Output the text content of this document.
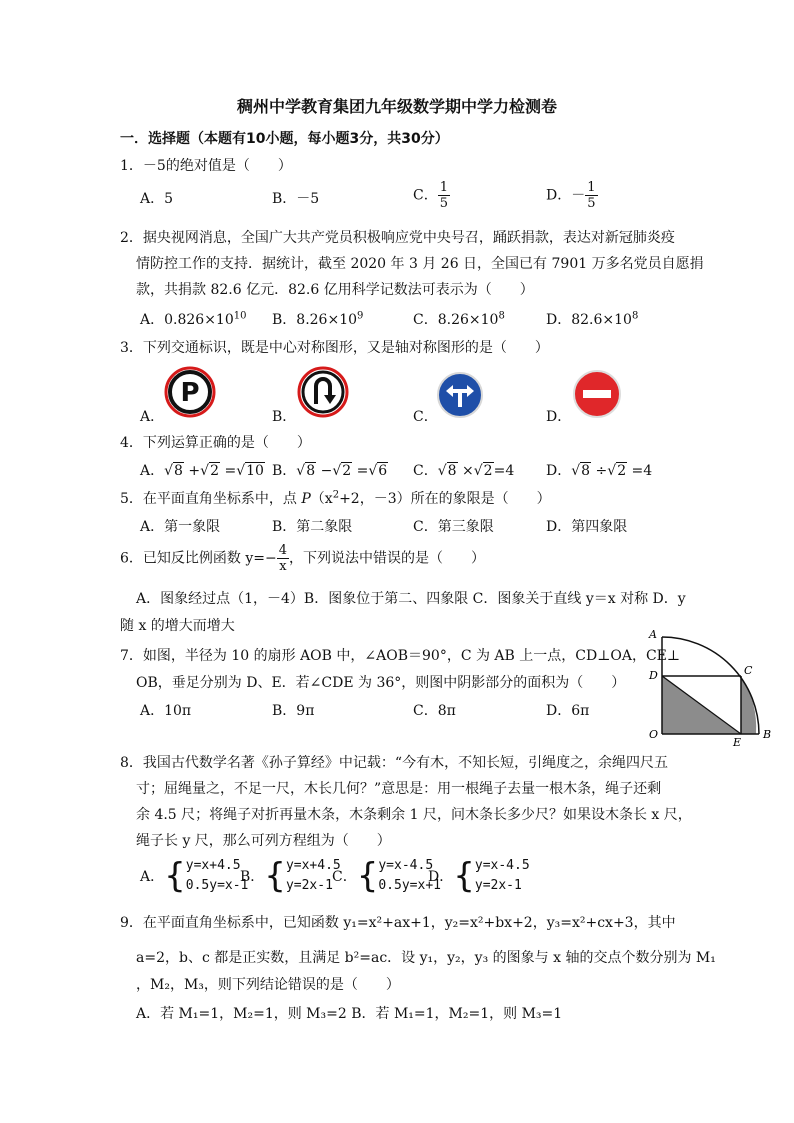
稠州中学教育集团九年级数学期中学力检测卷
一．选择题（本题有10小题，每小题3分，共30分）
1．－5的绝对值是（　　）
A．5	B．－5	C． $\frac{1}{5}$	D．－ $\frac{1}{5}$
2．据央视网消息，全国广大共产党员积极响应党中央号召，踊跃捐款，表达对新冠肺炎疫
情防控工作的支持．据统计，截至 2020 年 3 月 26 日，全国已有 7901 万多名党员自愿捐
款，共捐款 82.6 亿元．82.6 亿用科学记数法可表示为（　　）
A．$0.826\times 10^{10}$ B．$8.26\times 10^9$	C．$8.26\times 10^8$	D．$82.6\times 10^8$
3．下列交通标识，既是中心对称图形，又是轴对称图形的是（　　）
A．	B．	C．	D．
P
4．下列运算正确的是（　　）
A．√8 +√2 =√10 B．√8 −√2 =√6 C．√8 ×√2=4 D．√8 ÷√2 =4
5．在平面直角坐标系中，点 $P(x^2+2$，－3）所在的象限是（　　）
A．第一象限	B．第二象限	C．第三象限	D．第四象限
6．已知反比例函数 $y=- \frac{4}{x}$ ，下列说法中错误的是（　　）
A．图象经过点（1，－4）B．图象位于第二、四象限 C．图象关于直线 y＝x 对称 D．y
随 x 的增大而增大
7．如图，半径为 10 的扇形 AOB 中，∠AOB＝90°，C 为 AB 上一点，CD⊥OA，CE⊥
OB，垂足分别为 D、E．若∠CDE 为 36°，则图中阴影部分的面积为（　　）
A．10π	B．9π	C．8π	D．6π
A
B
C
D
E
O
8．我国古代数学名著《孙子算经》中记载：“今有木，不知长短，引绳度之，余绳四尺五
寸；屈绳量之，不足一尺，木长几何？”意思是：用一根绳子去量一根木条，绳子还剩
余 4.5 尺；将绳子对折再量木条，木条剩余 1 尺，问木条长多少尺？如果设木条长 x 尺，
绳子长 y 尺，那么可列方程组为（　　）
A．{y=x+4.5
0.5y=x-1
B．{y=x+4.5
y=2x-1
C．{y=x-4.5
0.5y=x+1
D．{y=x-4.5
y=2x-1
9．在平面直角坐标系中，已知函数 y₁=x²+ax+1，y₂=x²+bx+2，y₃=x²+cx+3，其中
a=2，b、c 都是正实数，且满足 b²=ac．设 y₁，y₂，y₃ 的图象与 x 轴的交点个数分别为 M₁
，M₂，M₃，则下列结论错误的是（　　）
A．若 M₁=1，M₂=1，则 M₃=2 B．若 M₁=1，M₂=1，则 M₃=1
